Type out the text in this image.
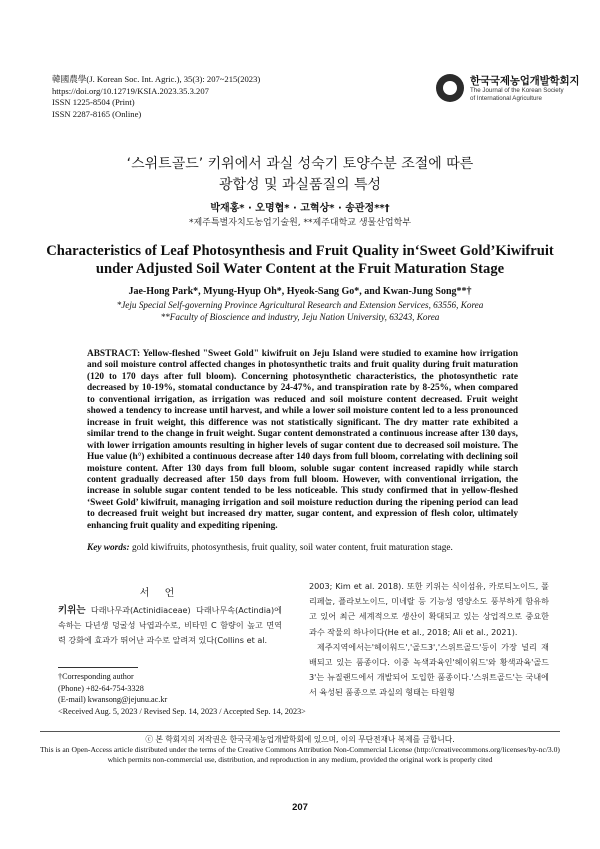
韓國農學(J. Korean Soc. Int. Agric.), 35(3): 207~215(2023)
https://doi.org/10.12719/KSIA.2023.35.3.207
ISSN 1225-8504 (Print)
ISSN 2287-8165 (Online)
한국국제농업개발학회지
The Journal of the Korean Society
of International Agriculture
‘스위트골드’ 키위에서 과실 성숙기 토양수분 조절에 따른
광합성 및 과실품질의 특성
박재홍* · 오명협* · 고혁상* · 송관정**†
*제주특별자치도농업기술원, **제주대학교 생물산업학부
Characteristics of Leaf Photosynthesis and Fruit Quality in‘Sweet Gold’Kiwifruit
under Adjusted Soil Water Content at the Fruit Maturation Stage
Jae-Hong Park*, Myung-Hyup Oh*, Hyeok-Sang Go*, and Kwan-Jung Song**†
*Jeju Special Self-governing Province Agricultural Research and Extension Services, 63556, Korea
**Faculty of Bioscience and industry, Jeju Nation University, 63243, Korea
ABSTRACT: Yellow-fleshed "Sweet Gold" kiwifruit on Jeju Island were studied to examine how irrigation and soil moisture control affected changes in photosynthetic traits and fruit quality during fruit maturation (120 to 170 days after full bloom). Concerning photosynthetic characteristics, the photosynthetic rate decreased by 10-19%, stomatal conductance by 24-47%, and transpiration rate by 8-25%, when compared to conventional irrigation, as irrigation was reduced and soil moisture content decreased. Fruit weight showed a tendency to increase until harvest, and while a lower soil moisture content led to a less pronounced increase in fruit weight, this difference was not statistically significant. The dry matter rate exhibited a similar trend to the change in fruit weight. Sugar content demonstrated a continuous increase after 130 days, with lower irrigation amounts resulting in higher levels of sugar content due to decreased soil moisture. The Hue value (h°) exhibited a continuous decrease after 140 days from full bloom, correlating with declining soil moisture content. After 130 days from full bloom, soluble sugar content increased rapidly while starch content gradually decreased after 150 days from full bloom. However, with conventional irrigation, the increase in soluble sugar content tended to be less noticeable. This study confirmed that in yellow-fleshed ‘Sweet Gold’ kiwifruit, managing irrigation and soil moisture reduction during the ripening period can lead to decreased fruit weight but increased dry matter, sugar content, and expression of flesh color, ultimately enhancing fruit quality and expediting ripening.
Key words: gold kiwifruits, photosynthesis, fruit quality, soil water content, fruit maturation stage.
서 언
키위는 다래나무과(Actinidiaceae) 다래나무속(Actindia)에 속하는 다년생 덩굴성 낙엽과수로, 비타민 C 함량이 높고 면역력 강화에 효과가 뛰어난 과수로 알려져 있다(Collins et al.
2003; Kim et al. 2018). 또한 키위는 식이섬유, 카로티노이드, 폴리페놀, 플라보노이드, 미네랄 등 기능성 영양소도 풍부하게 함유하고 있어 최근 세계적으로 생산이 확대되고 있는 상업적으로 중요한 과수 작물의 하나이다(He et al., 2018; Ali et al., 2021).
제주지역에서는'헤이워드','골드3','스위트골드'등이 가장 널리 재배되고 있는 품종이다. 이중 녹색과육인'헤이워드'와 황색과육'골드 3'는 뉴질랜드에서 개발되어 도입한 품종이다.'스위트골드'는 국내에서 육성된 품종으로 과실의 형태는 타원형
†Corresponding author
(Phone) +82-64-754-3328
(E-mail) kwansong@jejunu.ac.kr
<Received Aug. 5, 2023 / Revised Sep. 14, 2023 / Accepted Sep. 14, 2023>
ⓒ 본 학회지의 저작권은 한국국제농업개발학회에 있으며, 이의 무단전재나 복제를 금합니다.
This is an Open-Access article distributed under the terms of the Creative Commons Attribution Non-Commercial License (http://creativecommons.org/licenses/by-nc/3.0) which permits non-commercial use, distribution, and reproduction in any medium, provided the original work is properly cited
207
